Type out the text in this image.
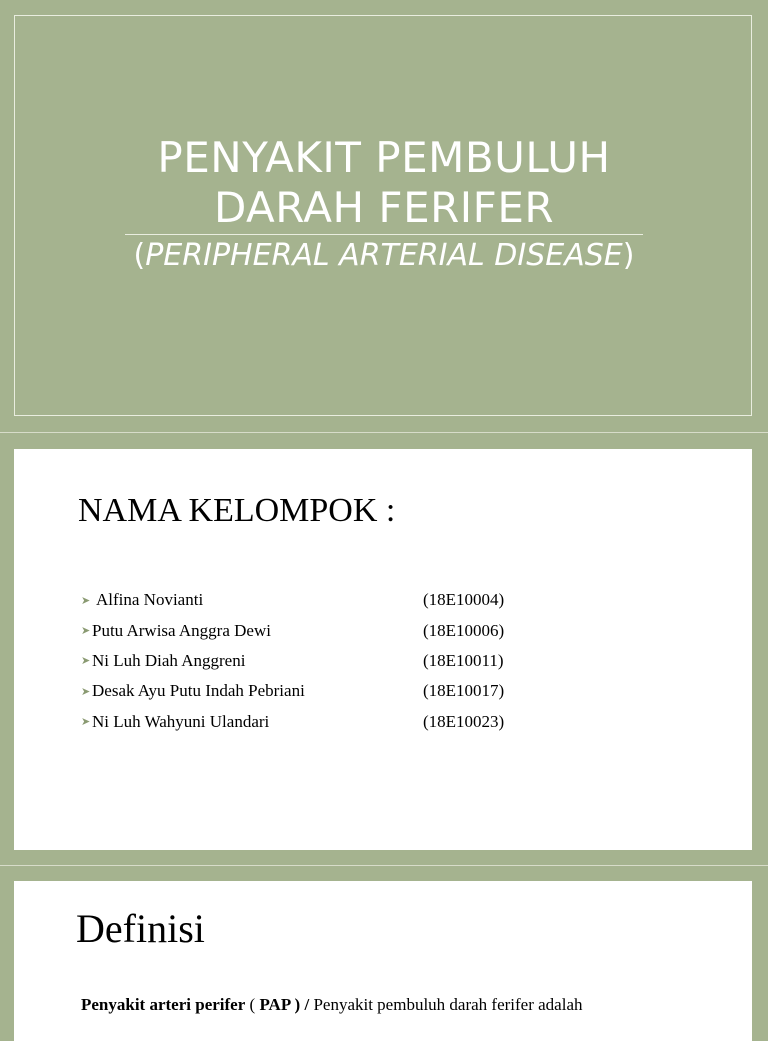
PENYAKIT PEMBULUH
DARAH FERIFER

(PERIPHERAL ARTERIAL DISEASE)

NAMA KELOMPOK :
➤ Alfina Novianti	(18E10004)
➤ Putu Arwisa Anggra Dewi	(18E10006)
➤ Ni Luh Diah Anggreni	(18E10011)
➤ Desak Ayu Putu Indah Pebriani	(18E10017)
➤ Ni Luh Wahyuni Ulandari	(18E10023)
Definisi

Penyakit arteri perifer ( PAP ) / Penyakit pembuluh darah ferifer adalah
